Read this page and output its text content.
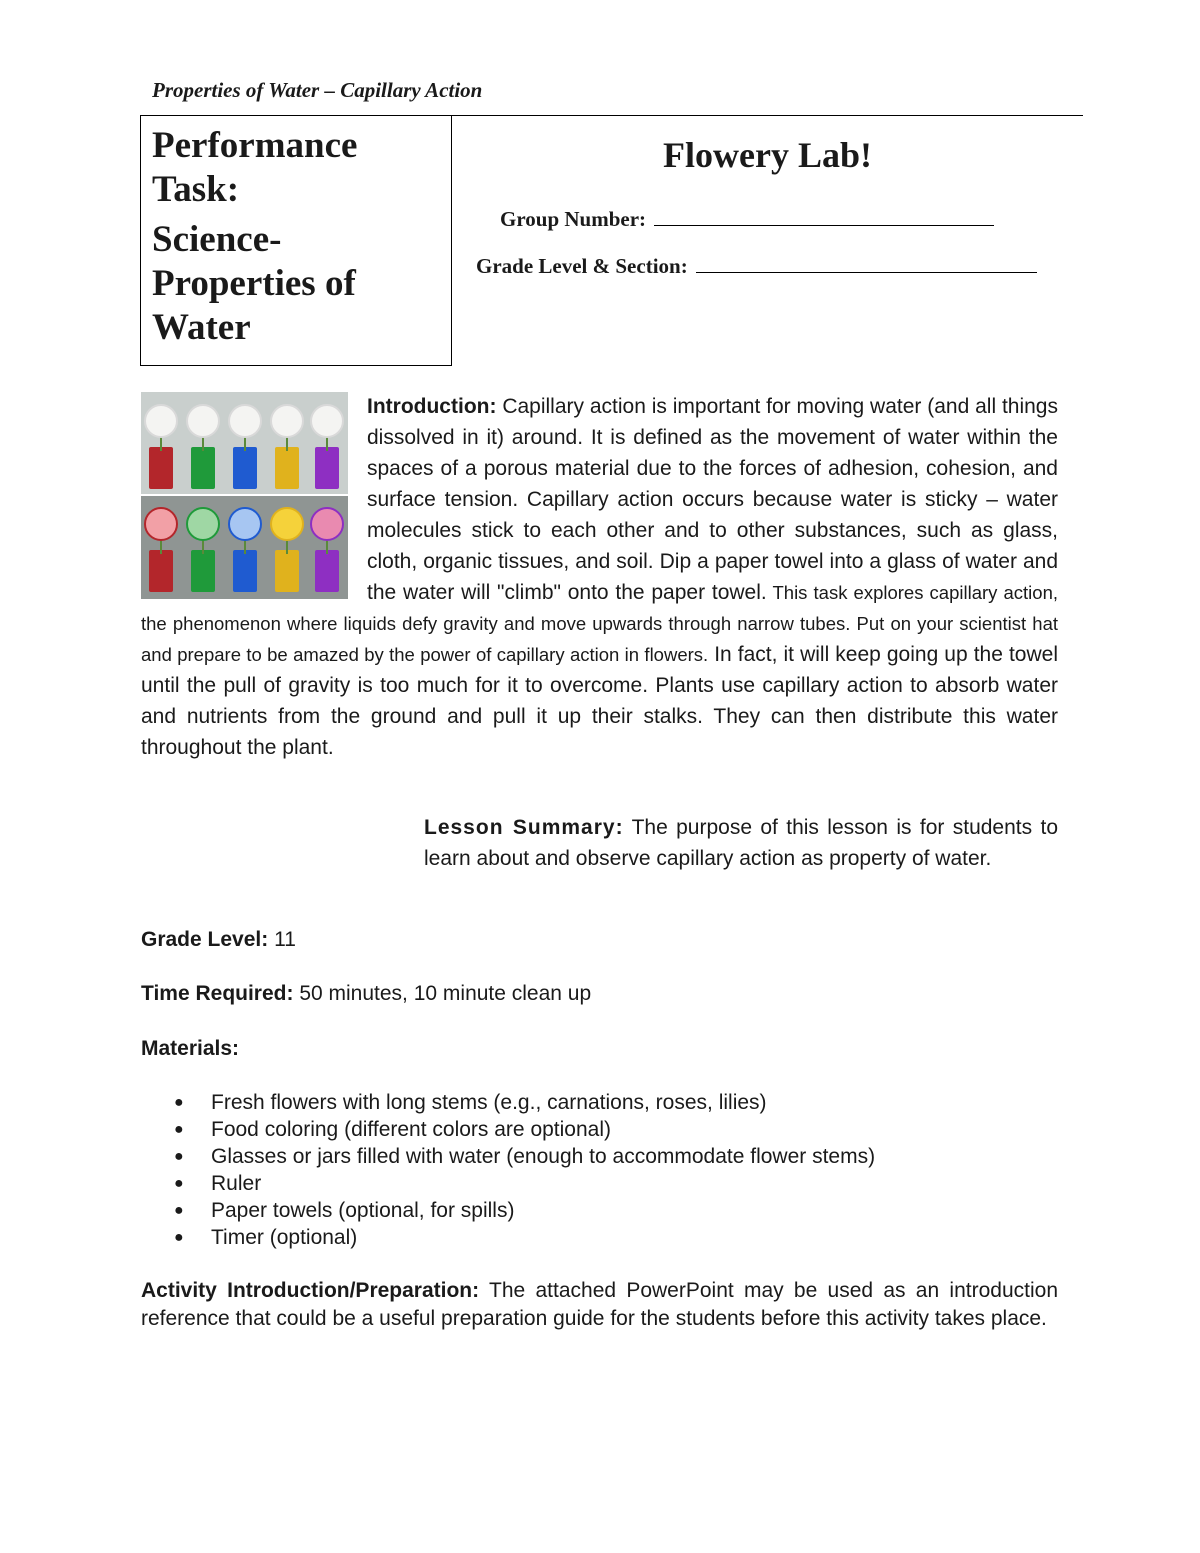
Properties of Water – Capillary Action
Performance Task:
Science- Properties of Water
Flowery Lab!
Group Number:
Grade Level & Section:
Introduction: Capillary action is important for moving water (and all things dissolved in it) around. It is defined as the movement of water within the spaces of a porous material due to the forces of adhesion, cohesion, and surface tension. Capillary action occurs because water is sticky – water molecules stick to each other and to other substances, such as glass, cloth, organic tissues, and soil. Dip a paper towel into a glass of water and the water will "climb" onto the paper towel. This task explores capillary action, the phenomenon where liquids defy gravity and move upwards through narrow tubes. Put on your scientist hat and prepare to be amazed by the power of capillary action in flowers. In fact, it will keep going up the towel until the pull of gravity is too much for it to overcome. Plants use capillary action to absorb water and nutrients from the ground and pull it up their stalks. They can then distribute this water throughout the plant.
Lesson Summary: The purpose of this lesson is for students to learn about and observe capillary action as property of water.
Grade Level: 11
Time Required: 50 minutes, 10 minute clean up
Materials:
● Fresh flowers with long stems (e.g., carnations, roses, lilies)
● Food coloring (different colors are optional)
● Glasses or jars filled with water (enough to accommodate flower stems)
● Ruler
● Paper towels (optional, for spills)
● Timer (optional)
Activity Introduction/Preparation: The attached PowerPoint may be used as an introduction reference that could be a useful preparation guide for the students before this activity takes place.
